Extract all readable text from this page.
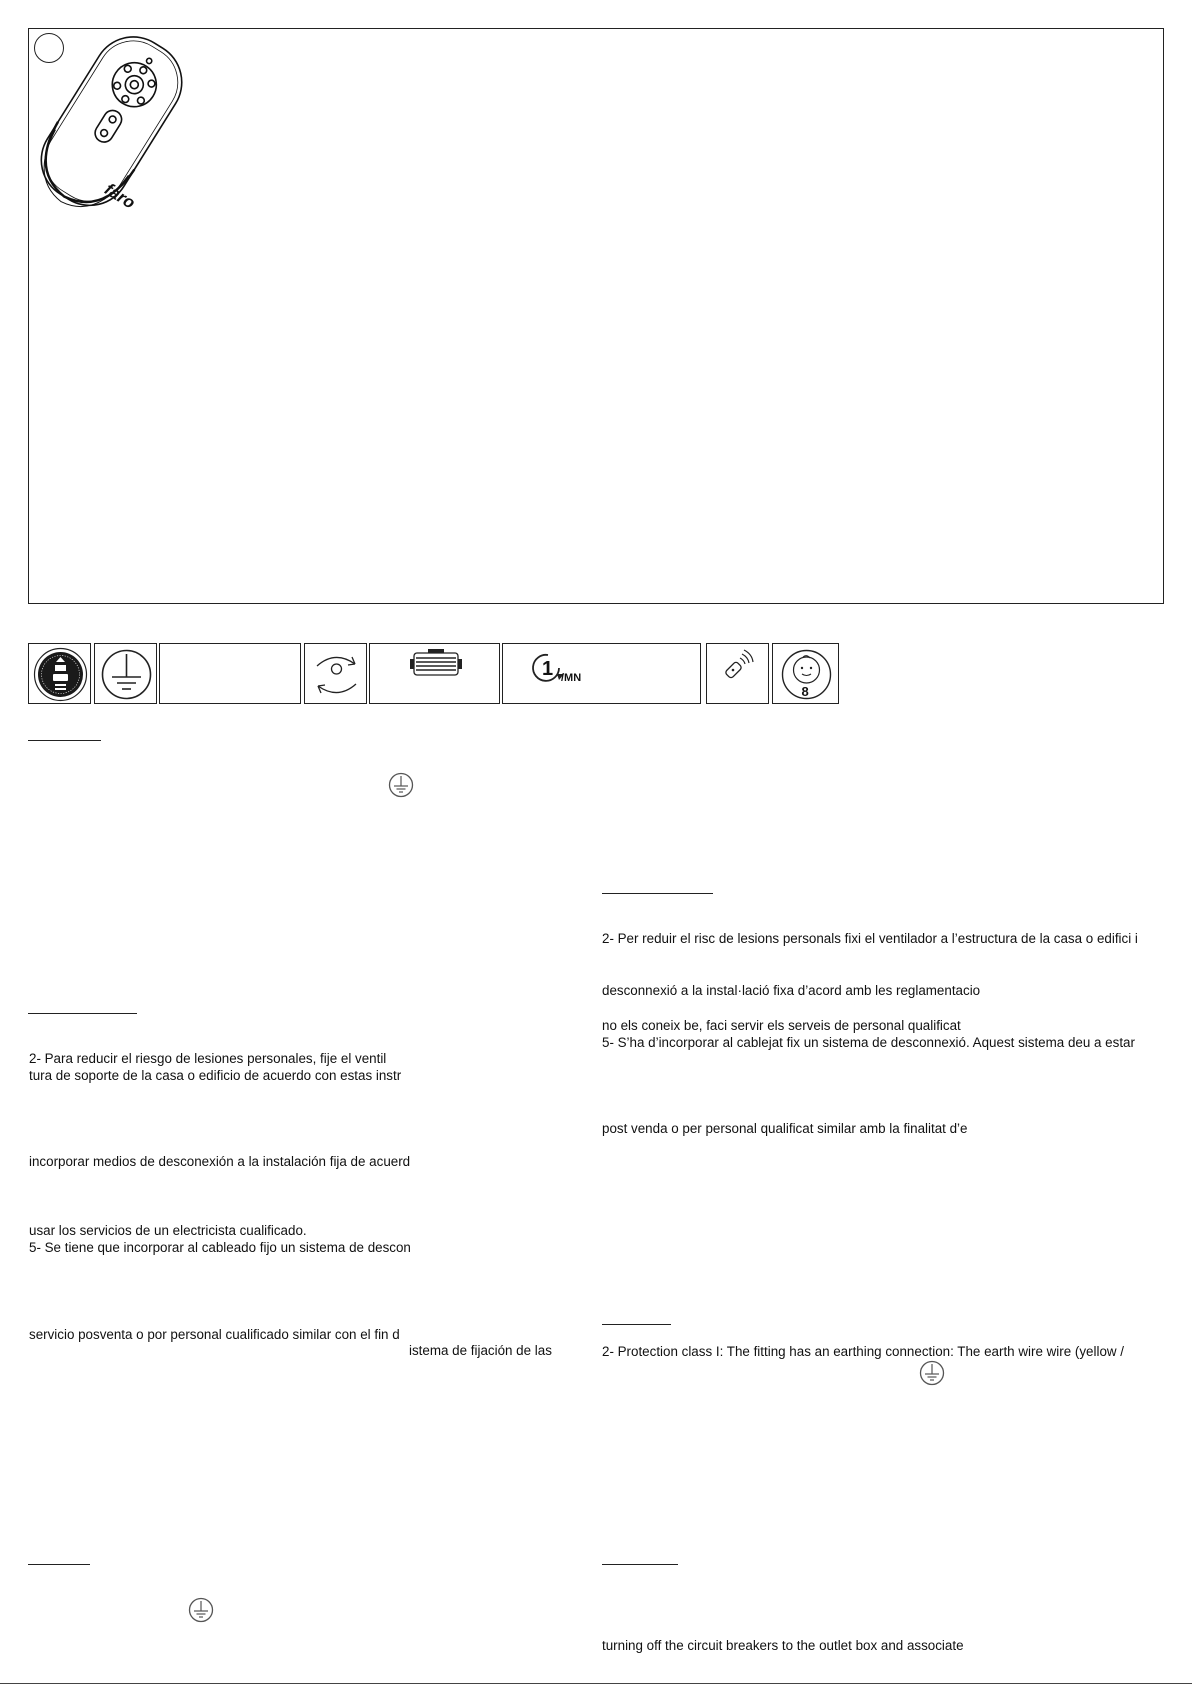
faro
1 /MN
8
2- Para reducir el riesgo de lesiones personales, fije el ventil
tura de soporte de la casa o edificio de acuerdo con estas instr
incorporar medios de desconexión a la instalación fija de acuerd
usar los servicios de un electricista cualificado.
5- Se tiene que incorporar al cableado fijo un sistema de descon
servicio posventa o por personal cualificado similar con el fin d
istema de fijación de las
2- Per reduir el risc de lesions personals fixi el ventilador a l’estructura de la casa o edifici i
desconnexió a la instal·lació fixa d’acord amb les reglamentacio
no els coneix be, faci servir els serveis de personal qualificat
5- S’ha d’incorporar al cablejat fix un sistema de desconnexió. Aquest sistema deu a estar
post venda o per personal qualificat similar amb la finalitat d’e
2- Protection class I: The fitting has an earthing connection: The earth wire wire (yellow /
turning off the circuit breakers to the outlet box and associate
